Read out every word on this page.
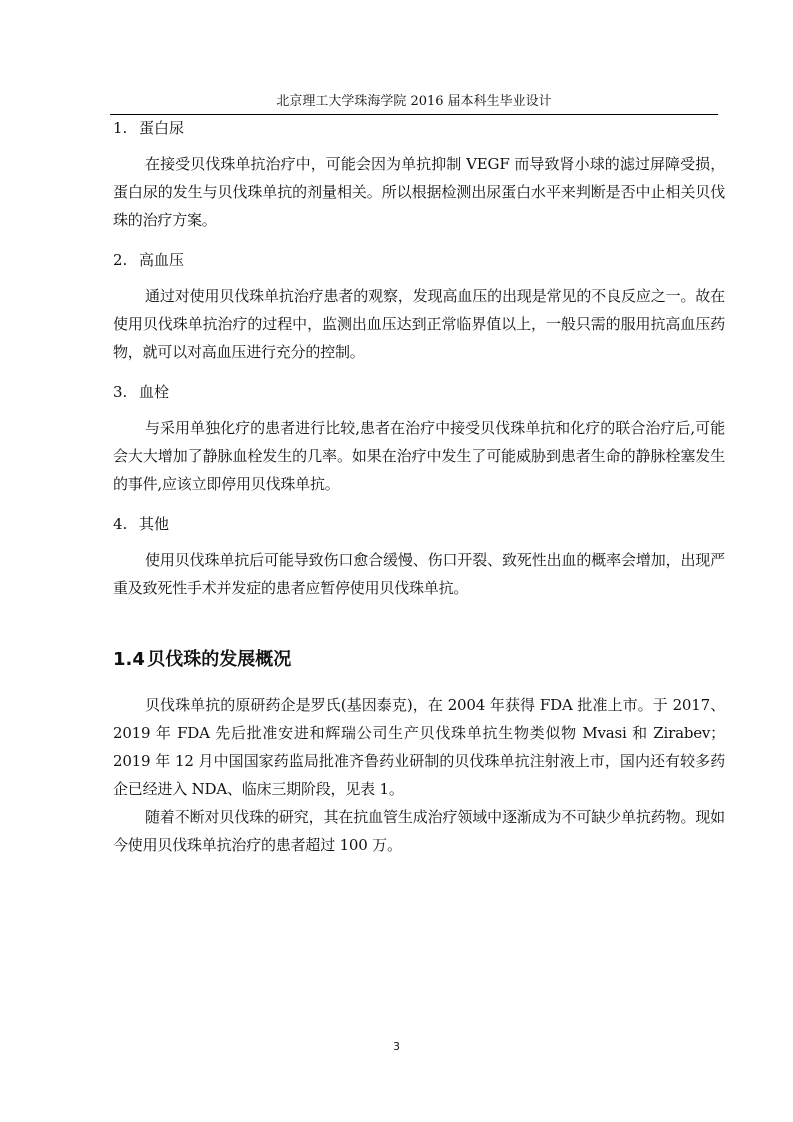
北京理工大学珠海学院 2016 届本科生毕业设计

1. 蛋白尿

在接受贝伐珠单抗治疗中，可能会因为单抗抑制 VEGF 而导致肾小球的滤过屏障受损，蛋白尿的发生与贝伐珠单抗的剂量相关。所以根据检测出尿蛋白水平来判断是否中止相关贝伐珠的治疗方案。

2. 高血压

通过对使用贝伐珠单抗治疗患者的观察，发现高血压的出现是常见的不良反应之一。故在使用贝伐珠单抗治疗的过程中，监测出血压达到正常临界值以上，一般只需的服用抗高血压药物，就可以对高血压进行充分的控制。

3. 血栓

与采用单独化疗的患者进行比较,患者在治疗中接受贝伐珠单抗和化疗的联合治疗后,可能会大大增加了静脉血栓发生的几率。如果在治疗中发生了可能威胁到患者生命的静脉栓塞发生的事件,应该立即停用贝伐珠单抗。

4. 其他

使用贝伐珠单抗后可能导致伤口愈合缓慢、伤口开裂、致死性出血的概率会增加，出现严重及致死性手术并发症的患者应暂停使用贝伐珠单抗。

1.4 贝伐珠的发展概况

贝伐珠单抗的原研药企是罗氏(基因泰克)，在 2004 年获得 FDA 批准上市。于 2017、2019 年 FDA 先后批准安进和辉瑞公司生产贝伐珠单抗生物类似物 Mvasi 和 Zirabev；2019 年 12 月中国国家药监局批准齐鲁药业研制的贝伐珠单抗注射液上市，国内还有较多药企已经进入 NDA、临床三期阶段，见表 1。

随着不断对贝伐珠的研究，其在抗血管生成治疗领域中逐渐成为不可缺少单抗药物。现如今使用贝伐珠单抗治疗的患者超过 100 万。

3
